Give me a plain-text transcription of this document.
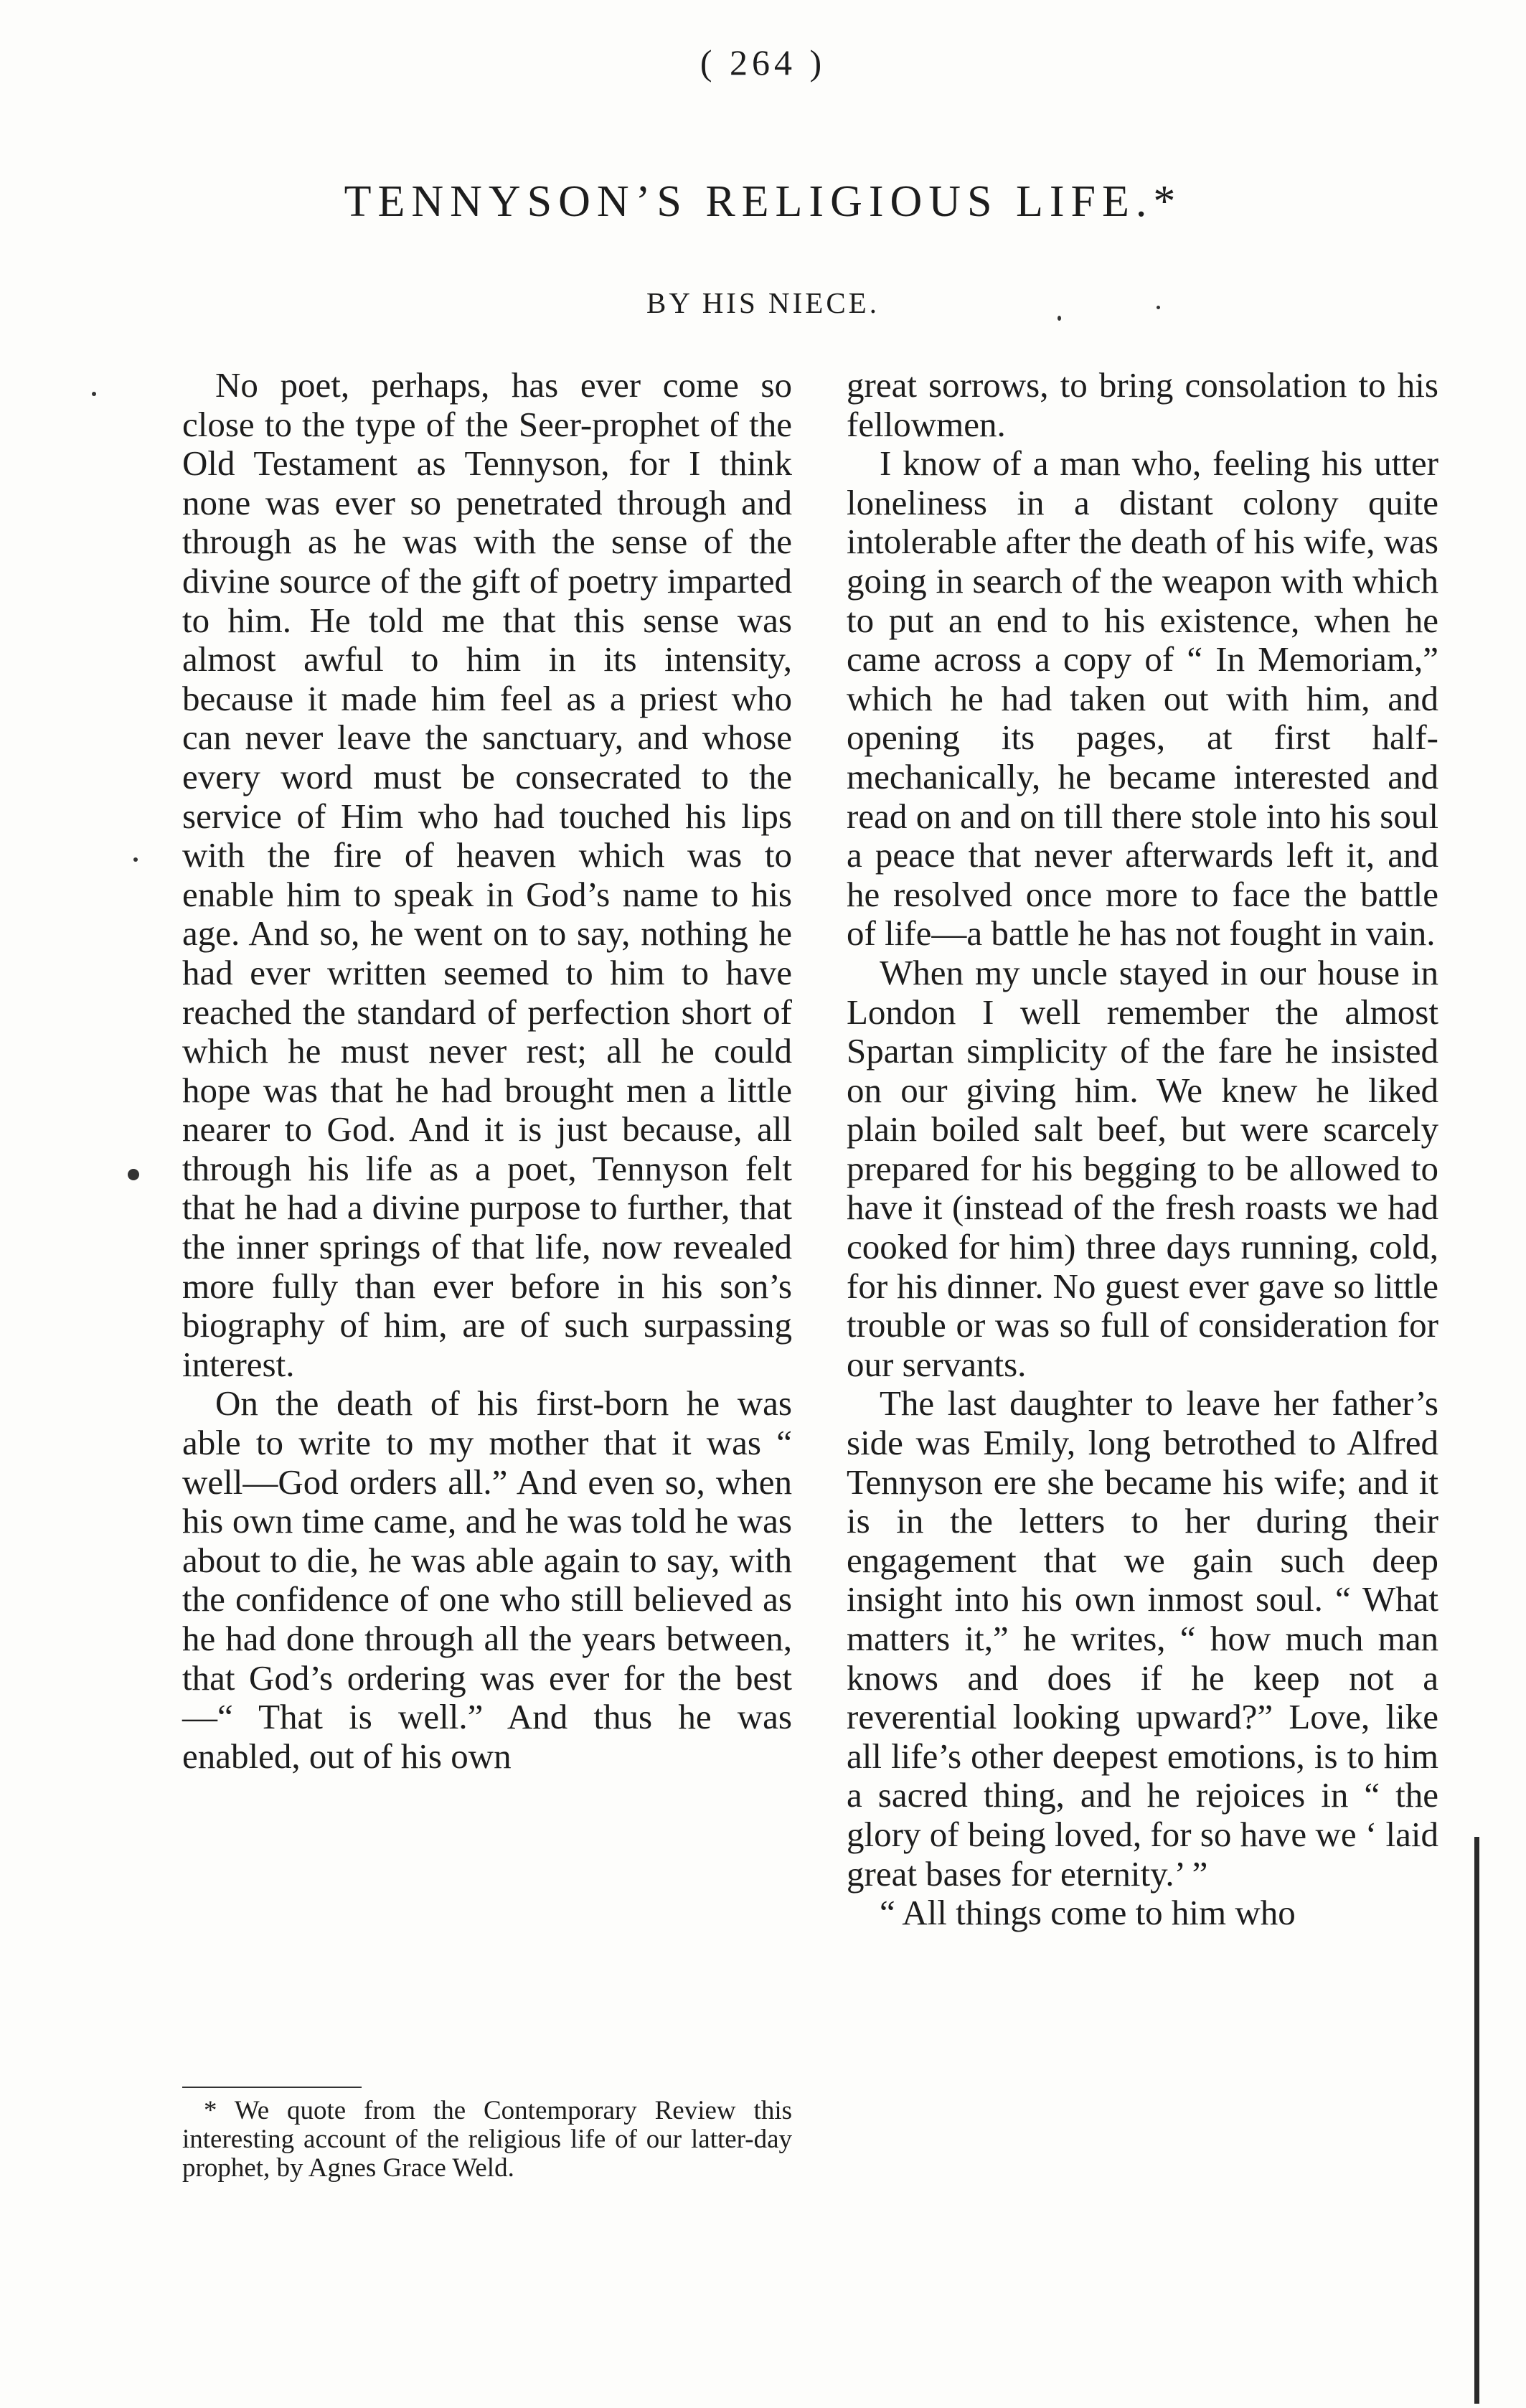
( 264 )
TENNYSON’S RELIGIOUS LIFE.*
BY HIS NIECE.

No poet, perhaps, has ever come so close to the type of the Seer-prophet of the Old Testament as Tennyson, for I think none was ever so penetrated through and through as he was with the sense of the divine source of the gift of poetry imparted to him. He told me that this sense was almost awful to him in its intensity, because it made him feel as a priest who can never leave the sanctuary, and whose every word must be consecrated to the service of Him who had touched his lips with the fire of heaven which was to enable him to speak in God’s name to his age. And so, he went on to say, nothing he had ever written seemed to him to have reached the standard of perfection short of which he must never rest; all he could hope was that he had brought men a little nearer to God. And it is just because, all through his life as a poet, Tennyson felt that he had a divine purpose to further, that the inner springs of that life, now revealed more fully than ever before in his son’s biography of him, are of such surpassing interest.

On the death of his first-born he was able to write to my mother that it was “ well—God orders all.” And even so, when his own time came, and he was told he was about to die, he was able again to say, with the confidence of one who still believed as he had done through all the years between, that God’s ordering was ever for the best—“ That is well.” And thus he was enabled, out of his own

great sorrows, to bring consolation to his fellowmen.

I know of a man who, feeling his utter loneliness in a distant colony quite intolerable after the death of his wife, was going in search of the weapon with which to put an end to his existence, when he came across a copy of “ In Memoriam,” which he had taken out with him, and opening its pages, at first half-mechanically, he became interested and read on and on till there stole into his soul a peace that never afterwards left it, and he resolved once more to face the battle of life—a battle he has not fought in vain.

When my uncle stayed in our house in London I well remember the almost Spartan simplicity of the fare he insisted on our giving him. We knew he liked plain boiled salt beef, but were scarcely prepared for his begging to be allowed to have it (instead of the fresh roasts we had cooked for him) three days running, cold, for his dinner. No guest ever gave so little trouble or was so full of consideration for our servants.

The last daughter to leave her father’s side was Emily, long betrothed to Alfred Tennyson ere she became his wife; and it is in the letters to her during their engagement that we gain such deep insight into his own inmost soul. “ What matters it,” he writes, “ how much man knows and does if he keep not a reverential looking upward?” Love, like all life’s other deepest emotions, is to him a sacred thing, and he rejoices in “ the glory of being loved, for so have we ‘ laid great bases for eternity.’ ”

“ All things come to him who

* We quote from the Contemporary Review this interesting account of the religious life of our latter-day prophet, by Agnes Grace Weld.
